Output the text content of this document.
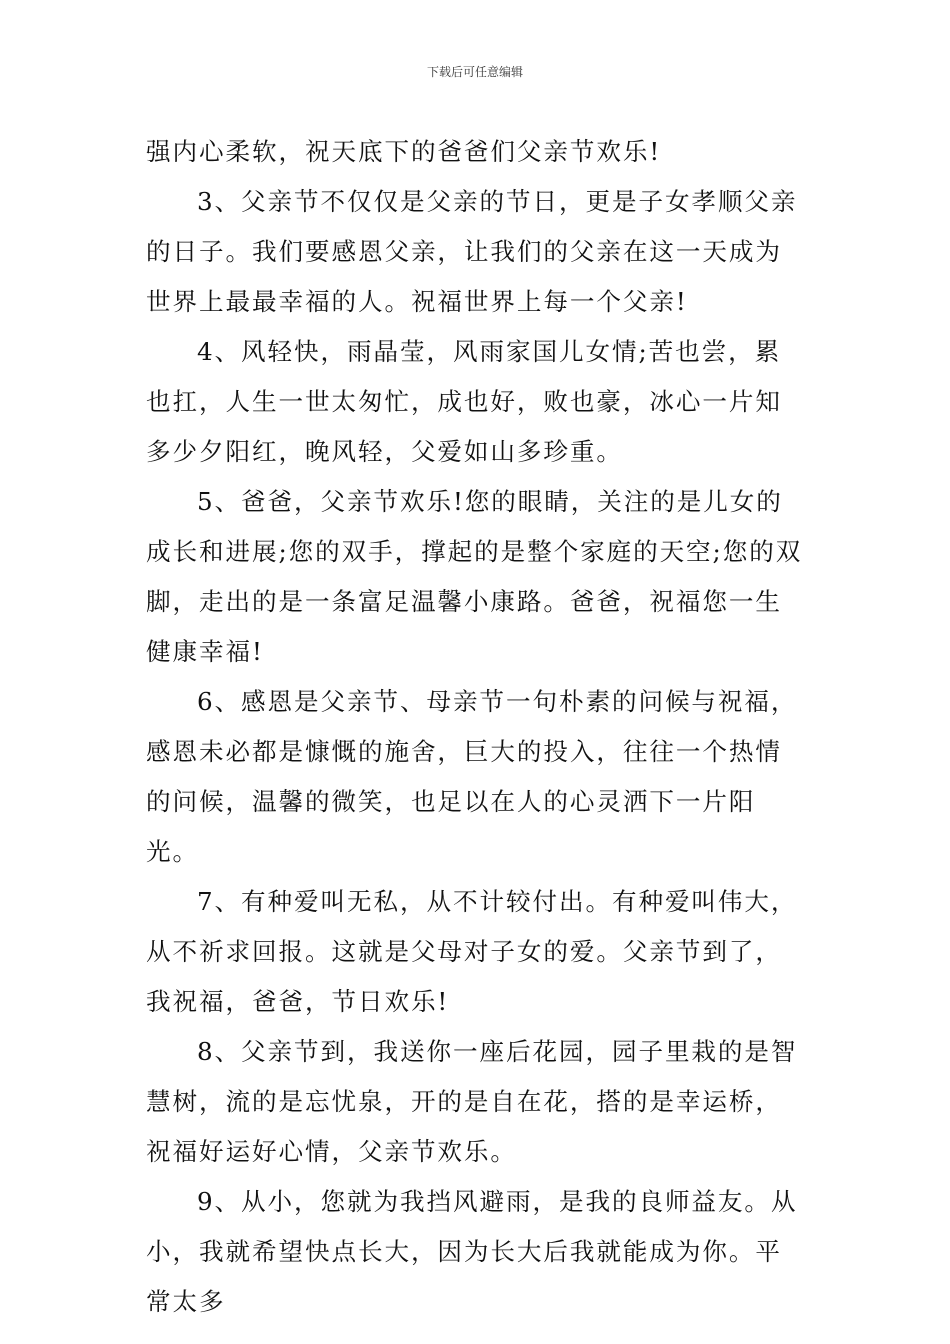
下载后可任意编辑

强内心柔软，祝天底下的爸爸们父亲节欢乐!

3、父亲节不仅仅是父亲的节日，更是子女孝顺父亲的日子。我们要感恩父亲，让我们的父亲在这一天成为世界上最最幸福的人。祝福世界上每一个父亲!

4、风轻快，雨晶莹，风雨家国儿女情;苦也尝，累也扛，人生一世太匆忙，成也好，败也豪，冰心一片知多少夕阳红，晚风轻，父爱如山多珍重。

5、爸爸，父亲节欢乐!您的眼睛，关注的是儿女的成长和进展;您的双手，撑起的是整个家庭的天空;您的双脚，走出的是一条富足温馨小康路。爸爸，祝福您一生健康幸福!

6、感恩是父亲节、母亲节一句朴素的问候与祝福，感恩未必都是慷慨的施舍，巨大的投入，往往一个热情的问候，温馨的微笑，也足以在人的心灵洒下一片阳光。

7、有种爱叫无私，从不计较付出。有种爱叫伟大，从不祈求回报。这就是父母对子女的爱。父亲节到了，我祝福，爸爸，节日欢乐!

8、父亲节到，我送你一座后花园，园子里栽的是智慧树，流的是忘忧泉，开的是自在花，搭的是幸运桥，祝福好运好心情，父亲节欢乐。

9、从小，您就为我挡风避雨，是我的良师益友。从小，我就希望快点长大，因为长大后我就能成为你。平常太多
